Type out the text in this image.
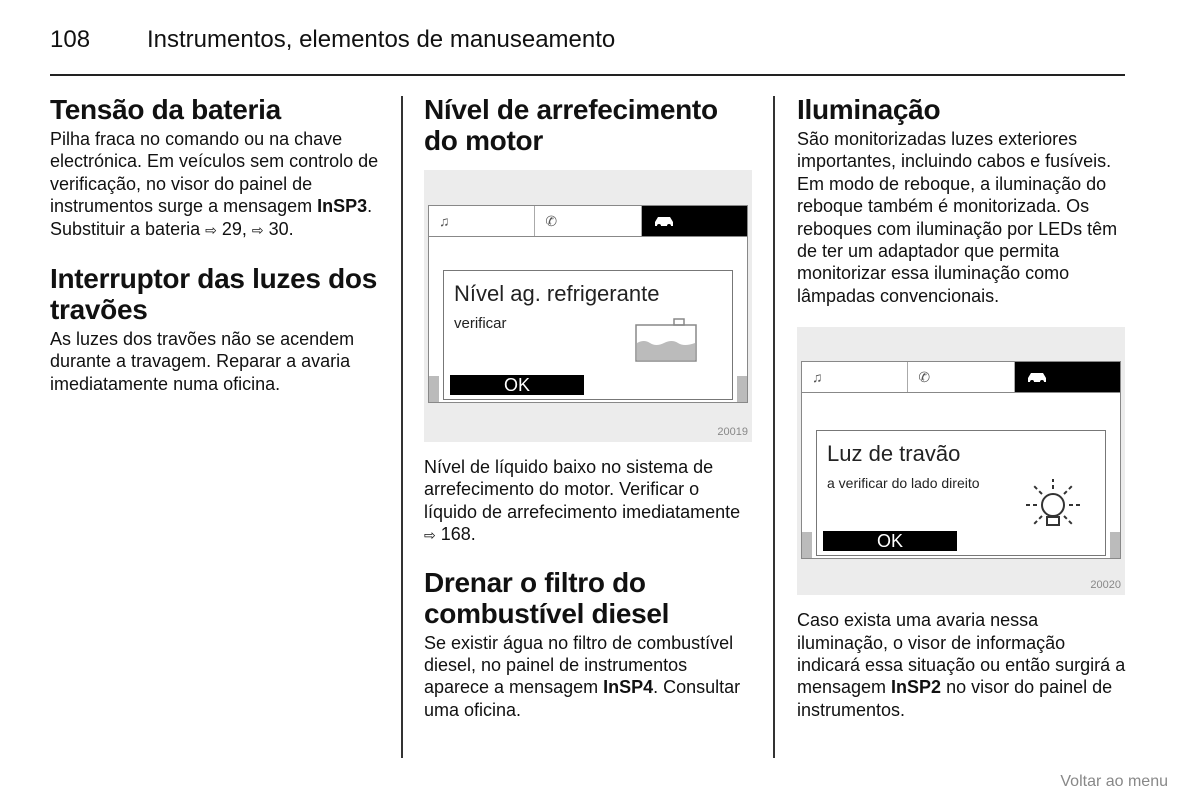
108 Instrumentos, elementos de manuseamento
Tensão da bateria

Pilha fraca no comando ou na chave electrónica. Em veículos sem controlo de verificação, no visor do painel de instrumentos surge a mensagem InSP3. Substituir a bateria ⇨ 29, ⇨ 30.

Interruptor das luzes dos travões

As luzes dos travões não se acendem durante a travagem. Reparar a avaria imediatamente numa oficina.

Nível de arrefecimento do motor
♫	✆
Nível ag. refrigerante
verificar
OK
20019

Nível de líquido baixo no sistema de arrefecimento do motor. Verificar o líquido de arrefecimento imediatamente ⇨ 168.

Drenar o filtro do combustível diesel

Se existir água no filtro de combustível diesel, no painel de instrumentos aparece a mensagem InSP4. Consultar uma oficina.

Iluminação

São monitorizadas luzes exteriores importantes, incluindo cabos e fusíveis. Em modo de reboque, a iluminação do reboque também é monitorizada. Os reboques com iluminação por LEDs têm de ter um adaptador que permita monitorizar essa iluminação como lâmpadas convencionais.

♫	✆
Luz de travão
a verificar do lado direito
OK
20020

Caso exista uma avaria nessa iluminação, o visor de informação indicará essa situação ou então surgirá a mensagem InSP2 no visor do painel de instrumentos.

Voltar ao menu
